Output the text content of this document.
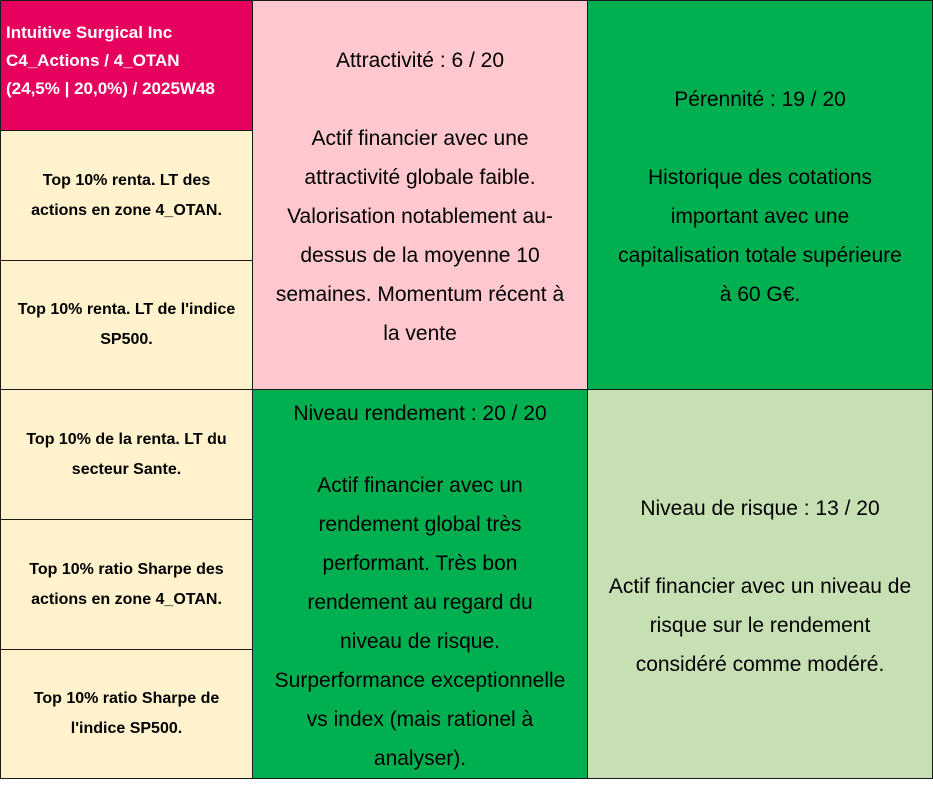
Intuitive Surgical Inc
C4_Actions / 4_OTAN
(24,5% | 20,0%) / 2025W48
Top 10% renta. LT des
actions en zone 4_OTAN.
Top 10% renta. LT de l'indice
SP500.
Top 10% de la renta. LT du
secteur Sante.
Top 10% ratio Sharpe des
actions en zone 4_OTAN.
Top 10% ratio Sharpe de
l'indice SP500.
Attractivité : 6 / 20
Actif financier avec une
attractivité globale faible.
Valorisation notablement au-
dessus de la moyenne 10
semaines. Momentum récent à
la vente
Pérennité : 19 / 20
Historique des cotations
important avec une
capitalisation totale supérieure
à 60 G€.
Niveau rendement : 20 / 20
Actif financier avec un
rendement global très
performant. Très bon
rendement au regard du
niveau de risque.
Surperformance exceptionnelle
vs index (mais rationel à
analyser).
Niveau de risque : 13 / 20
Actif financier avec un niveau de
risque sur le rendement
considéré comme modéré.
